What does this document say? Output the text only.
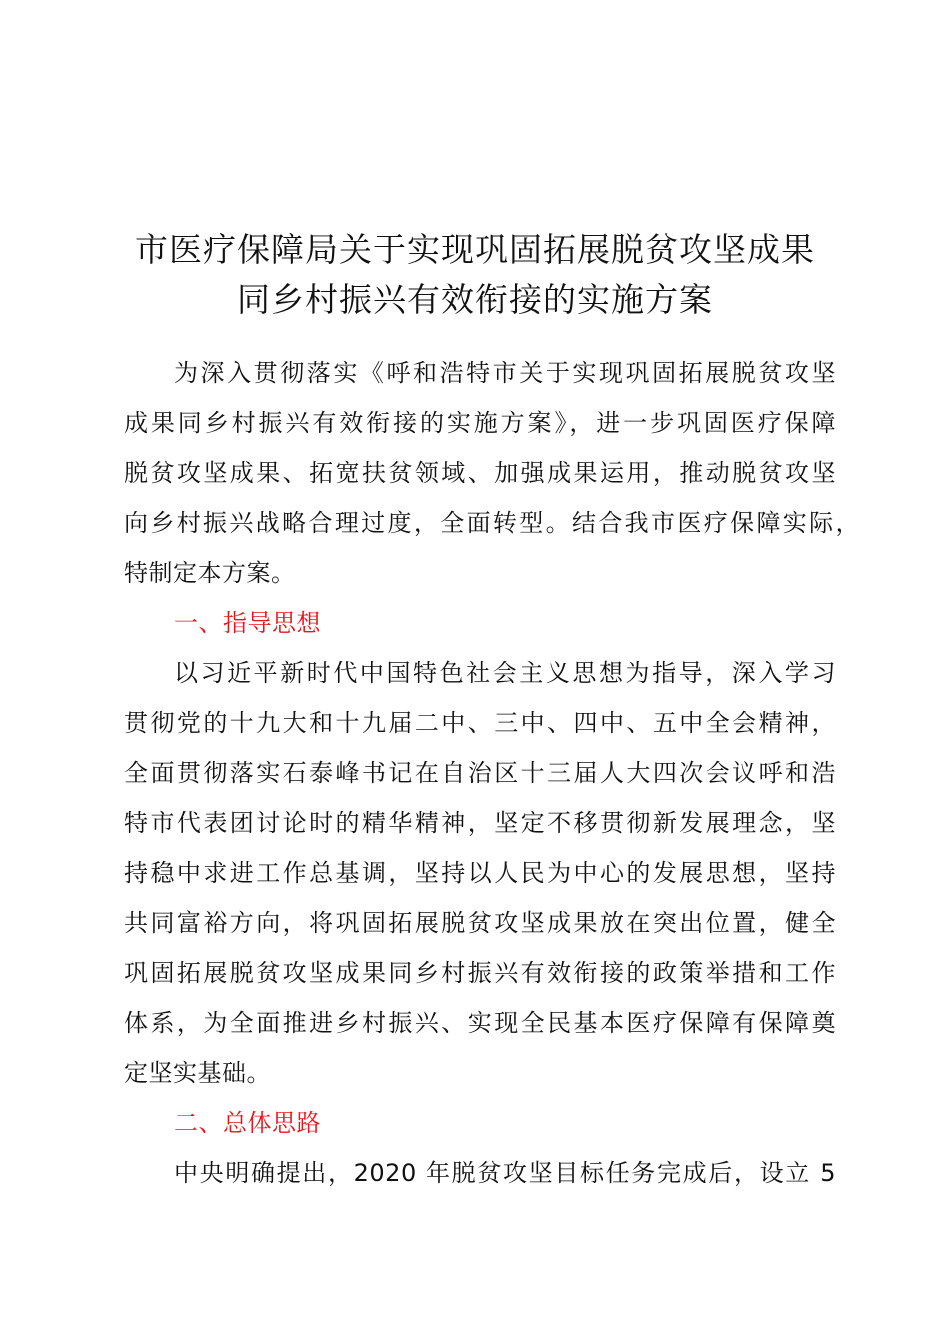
市医疗保障局关于实现巩固拓展脱贫攻坚成果
同乡村振兴有效衔接的实施方案
为深入贯彻落实《呼和浩特市关于实现巩固拓展脱贫攻坚
成果同乡村振兴有效衔接的实施方案》，进一步巩固医疗保障
脱贫攻坚成果、拓宽扶贫领域、加强成果运用，推动脱贫攻坚
向乡村振兴战略合理过度，全面转型。结合我市医疗保障实际，
特制定本方案。
一、指导思想
以习近平新时代中国特色社会主义思想为指导，深入学习
贯彻党的十九大和十九届二中、三中、四中、五中全会精神，
全面贯彻落实石泰峰书记在自治区十三届人大四次会议呼和浩
特市代表团讨论时的精华精神，坚定不移贯彻新发展理念，坚
持稳中求进工作总基调，坚持以人民为中心的发展思想，坚持
共同富裕方向，将巩固拓展脱贫攻坚成果放在突出位置，健全
巩固拓展脱贫攻坚成果同乡村振兴有效衔接的政策举措和工作
体系，为全面推进乡村振兴、实现全民基本医疗保障有保障奠
定坚实基础。
二、总体思路
中央明确提出，2020 年脱贫攻坚目标任务完成后，设立 5
